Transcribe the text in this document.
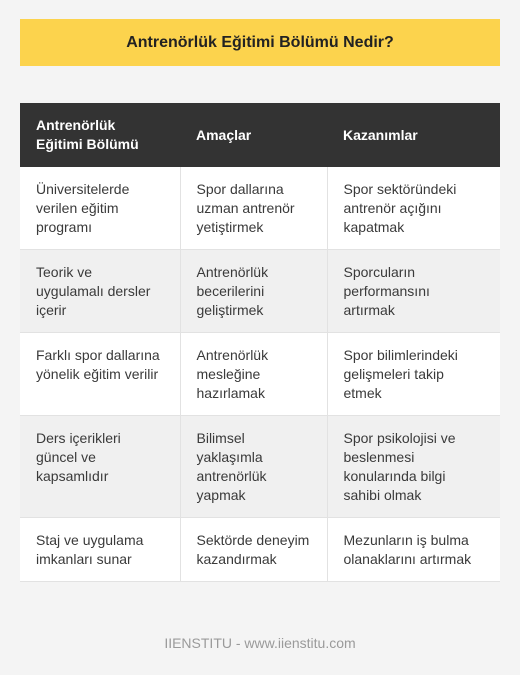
Antrenörlük Eğitimi Bölümü Nedir?
Antrenörlük Eğitimi Bölümü	Amaçlar	Kazanımlar
Üniversitelerde verilen eğitim programı	Spor dallarına uzman antrenör yetiştirmek	Spor sektöründeki antrenör açığını kapatmak
Teorik ve uygulamalı dersler içerir	Antrenörlük becerilerini geliştirmek	Sporcuların performansını artırmak
Farklı spor dallarına yönelik eğitim verilir	Antrenörlük mesleğine hazırlamak	Spor bilimlerindeki gelişmeleri takip etmek
Ders içerikleri güncel ve kapsamlıdır	Bilimsel yaklaşımla antrenörlük yapmak	Spor psikolojisi ve beslenmesi konularında bilgi sahibi olmak
Staj ve uygulama imkanları sunar	Sektörde deneyim kazandırmak	Mezunların iş bulma olanaklarını artırmak
IIENSTITU - www.iienstitu.com
